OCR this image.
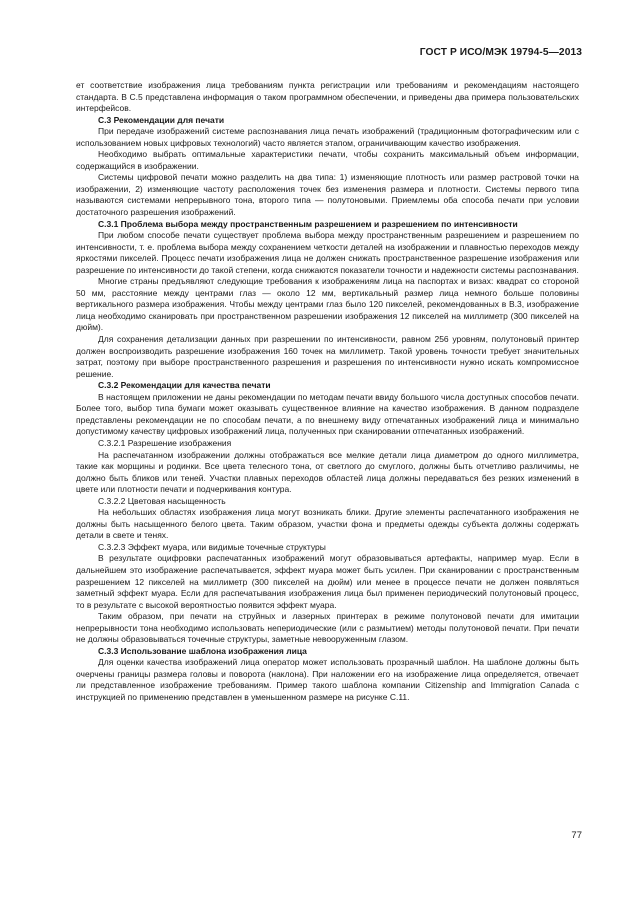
ГОСТ Р ИСО/МЭК 19794-5—2013

ет соответствие изображения лица требованиям пункта регистрации или требованиям и рекомендациям настоящего стандарта. В С.5 представлена информация о таком программном обеспечении, и приведены два примера пользовательских интерфейсов.

С.3 Рекомендации для печати

При передаче изображений системе распознавания лица печать изображений (традиционным фотографическим или с использованием новых цифровых технологий) часто является этапом, ограничивающим качество изображения.

Необходимо выбрать оптимальные характеристики печати, чтобы сохранить максимальный объем информации, содержащийся в изображении.

Системы цифровой печати можно разделить на два типа: 1) изменяющие плотность или размер растровой точки на изображении, 2) изменяющие частоту расположения точек без изменения размера и плотности. Системы первого типа называются системами непрерывного тона, второго типа — полутоновыми. Приемлемы оба способа печати при условии достаточного разрешения изображений.

С.3.1 Проблема выбора между пространственным разрешением и разрешением по интенсивности

При любом способе печати существует проблема выбора между пространственным разрешением и разрешением по интенсивности, т. е. проблема выбора между сохранением четкости деталей на изображении и плавностью переходов между яркостями пикселей. Процесс печати изображения лица не должен снижать пространственное разрешение изображения или разрешение по интенсивности до такой степени, когда снижаются показатели точности и надежности системы распознавания.

Многие страны предъявляют следующие требования к изображениям лица на паспортах и визах: квадрат со стороной 50 мм, расстояние между центрами глаз — около 12 мм, вертикальный размер лица немного больше половины вертикального размера изображения. Чтобы между центрами глаз было 120 пикселей, рекомендованных в В.3, изображение лица необходимо сканировать при пространственном разрешении изображения 12 пикселей на миллиметр (300 пикселей на дюйм).

Для сохранения детализации данных при разрешении по интенсивности, равном 256 уровням, полутоновый принтер должен воспроизводить разрешение изображения 160 точек на миллиметр. Такой уровень точности требует значительных затрат, поэтому при выборе пространственного разрешения и разрешения по интенсивности нужно искать компромиссное решение.

С.3.2 Рекомендации для качества печати

В настоящем приложении не даны рекомендации по методам печати ввиду большого числа доступных способов печати. Более того, выбор типа бумаги может оказывать существенное влияние на качество изображения. В данном подразделе представлены рекомендации не по способам печати, а по внешнему виду отпечатанных изображений лица и минимально допустимому качеству цифровых изображений лица, полученных при сканировании отпечатанных изображений.

С.3.2.1 Разрешение изображения

На распечатанном изображении должны отображаться все мелкие детали лица диаметром до одного миллиметра, такие как морщины и родинки. Все цвета телесного тона, от светлого до смуглого, должны быть отчетливо различимы, не должно быть бликов или теней. Участки плавных переходов областей лица должны передаваться без резких изменений в цвете или плотности печати и подчеркивания контура.

С.3.2.2 Цветовая насыщенность

На небольших областях изображения лица могут возникать блики. Другие элементы распечатанного изображения не должны быть насыщенного белого цвета. Таким образом, участки фона и предметы одежды субъекта должны содержать детали в свете и тенях.

С.3.2.3 Эффект муара, или видимые точечные структуры

В результате оцифровки распечатанных изображений могут образовываться артефакты, например муар. Если в дальнейшем это изображение распечатывается, эффект муара может быть усилен. При сканировании с пространственным разрешением 12 пикселей на миллиметр (300 пикселей на дюйм) или менее в процессе печати не должен появляться заметный эффект муара. Если для распечатывания изображения лица был применен периодический полутоновый процесс, то в результате с высокой вероятностью появится эффект муара.

Таким образом, при печати на струйных и лазерных принтерах в режиме полутоновой печати для имитации непрерывности тона необходимо использовать непериодические (или с размытием) методы полутоновой печати. При печати не должны образовываться точечные структуры, заметные невооруженным глазом.

С.3.3 Использование шаблона изображения лица

Для оценки качества изображений лица оператор может использовать прозрачный шаблон. На шаблоне должны быть очерчены границы размера головы и поворота (наклона). При наложении его на изображение лица определяется, отвечает ли представленное изображение требованиям. Пример такого шаблона компании Citizenship and Immigration Canada с инструкцией по применению представлен в уменьшенном размере на рисунке С.11.

77
